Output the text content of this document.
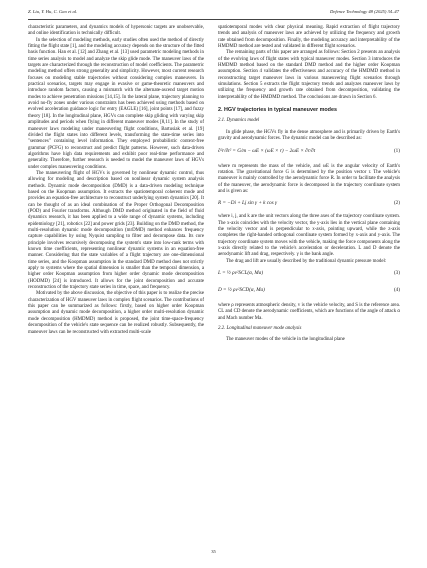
Z. Liu, Y. Hu, C. Gao et al.	Defence Technology 48 (2025) 34–47

characteristic parameters, and dynamics models of hypersonic targets are unobservable, and online identification is technically difficult.

In the selection of modeling methods, early studies often used the method of directly fitting the flight state [1], and the modeling accuracy depends on the structure of the fitted basis function. Han et al. [12] and Zhang et al. [13] used parametric modeling methods in time series analysis to model and analyze the skip glide mode. The maneuver laws of the targets are characterized through the reconstruction of model coefficients. The parametric modeling method offers strong generality and simplicity. However, most current research focuses on modeling stable trajectories without considering complex maneuvers. In practical scenarios, targets may engage in evasive or game-theoretic maneuvers and introduce random factors, causing a mismatch with the alternate-ascend target motion modes to achieve penetration missions [14,15]. In the lateral plane, trajectory planning to avoid no-fly zones under various constraints has been achieved using methods based on evolved acceleration guidance logic for entry (EAGLE) [16], joint points [17], and fuzzy theory [18]. In the longitudinal plane, HGVs can complete skip gliding with varying skip amplitudes and periods when flying in different maneuver modes [8,11]. In the study of maneuver laws modeling under maneuvering flight conditions, Bartusiak et al. [19] divided the flight states into different levels, transforming the state-time series into "sentences" containing level information. They employed probabilistic context-free grammar (PCFG) to reconstruct and predict flight patterns. However, such data-driven algorithms have high data requirements and exhibit poor real-time performance and generality. Therefore, further research is needed to model the maneuver laws of HGVs under complex maneuvering conditions.

The maneuvering flight of HGVs is governed by nonlinear dynamic control, thus allowing for modeling and description based on nonlinear dynamic system analysis methods. Dynamic mode decomposition (DMD) is a data-driven modeling technique based on the Koopman assumption. It extracts the spatiotemporal coherent mode and provides an equation-free architecture to reconstruct underlying system dynamics [20]. It can be thought of as an ideal combination of the Proper Orthogonal Decomposition (POD) and Fourier transforms. Although DMD method originated in the field of fluid dynamics research, it has been applied to a wide range of dynamic systems, including epidemiology [21], robotics [22] and power grids [23]. Building on the DMD method, the multi-resolution dynamic mode decomposition (mrDMD) method enhances frequency capture capabilities by using Nyquist sampling to filter and decompose data. Its core principle involves recursively decomposing the system's state into low-rank terms with known time coefficients, representing nonlinear dynamic systems in an equation-free manner. Considering that the state variables of a flight trajectory are one-dimensional time series, and the Koopman assumption in the standard DMD method does not strictly apply to systems where the spatial dimension is smaller than the temporal dimension, a higher order Koopman assumption from higher order dynamic mode decomposition (HODMD) [24] is introduced. It allows for the joint decomposition and accurate reconstruction of the trajectory state series in time, space, and frequency.

Motivated by the above discussion, the objective of this paper is to realize the precise characterization of HGV maneuver laws in complex flight scenarios. The contributions of this paper can be summarized as follows: firstly, based on higher order Koopman assumption and dynamic mode decomposition, a higher order multi-resolution dynamic mode decomposition (HMDMD) method is proposed, the joint time-space-frequency decomposition of the vehicle's state sequence can be realized robustly. Subsequently, the maneuver laws can be reconstructed with extracted multi-scale

spatiotemporal modes with clear physical meaning. Rapid extraction of flight trajectory trends and analysis of maneuver laws are achieved by utilizing the frequency and growth rate obtained from decomposition. Finally, the modeling accuracy and interpretability of the HMDMD method are tested and validated in different flight scenarios.

The remaining parts of this paper are arranged as follows: Section 2 presents an analysis of the evolving laws of flight states with typical maneuver modes. Section 3 introduces the HMDMD method based on the standard DMD method and the higher order Koopman assumption. Section 4 validates the effectiveness and accuracy of the HMDMD method in reconstructing target maneuver laws in various maneuvering flight scenarios through simulations. Section 5 extracts the flight trajectory trends and analyzes maneuver laws by utilizing the frequency and growth rate obtained from decomposition, validating the interpretability of the HMDMD method. The conclusions are drawn in Section 6.

2. HGV trajectories in typical maneuver modes
2.1. Dynamics model

In glide phase, the HGVs fly in the dense atmosphere and is primarily driven by Earth's gravity and aerodynamic forces. The dynamic model can be described as:

∂²r/∂t² = G/m − ωE × (ωE × r) − 2ωE × ∂r/∂t	(1)

where m represents the mass of the vehicle, and ωE is the angular velocity of Earth's rotation. The gravitational force G is determined by the position vector r. The vehicle's maneuver is mainly controlled by the aerodynamic force R. In order to facilitate the analysis of the maneuver, the aerodynamic force is decomposed in the trajectory coordinate system and is given as:

R = −Di + Lj sin γ + k cos γ	(2)

where i, j, and k are the unit vectors along the three axes of the trajectory coordinate system. The x-axis coincides with the velocity vector, the y-axis lies in the vertical plane containing the velocity vector and is perpendicular to x-axis, pointing upward, while the z-axis completes the right-handed orthogonal coordinate system formed by x-axis and y-axis. The trajectory coordinate system moves with the vehicle, making the force components along the x-axis directly related to the vehicle's acceleration or deceleration. L and D denote the aerodynamic lift and drag, respectively. γ is the bank angle.

The drag and lift are usually described by the traditional dynamic pressure model:

L = ½ ρv²SCL(α, Ma)	(3)
D = ½ ρv²SCD(α, Ma)	(4)

where ρ represents atmospheric density, v is the vehicle velocity, and S is the reference area. CL and CD denote the aerodynamic coefficients, which are functions of the angle of attack α and Mach number Ma.

2.2. Longitudinal maneuver mode analysis

The maneuver modes of the vehicle in the longitudinal plane

35
